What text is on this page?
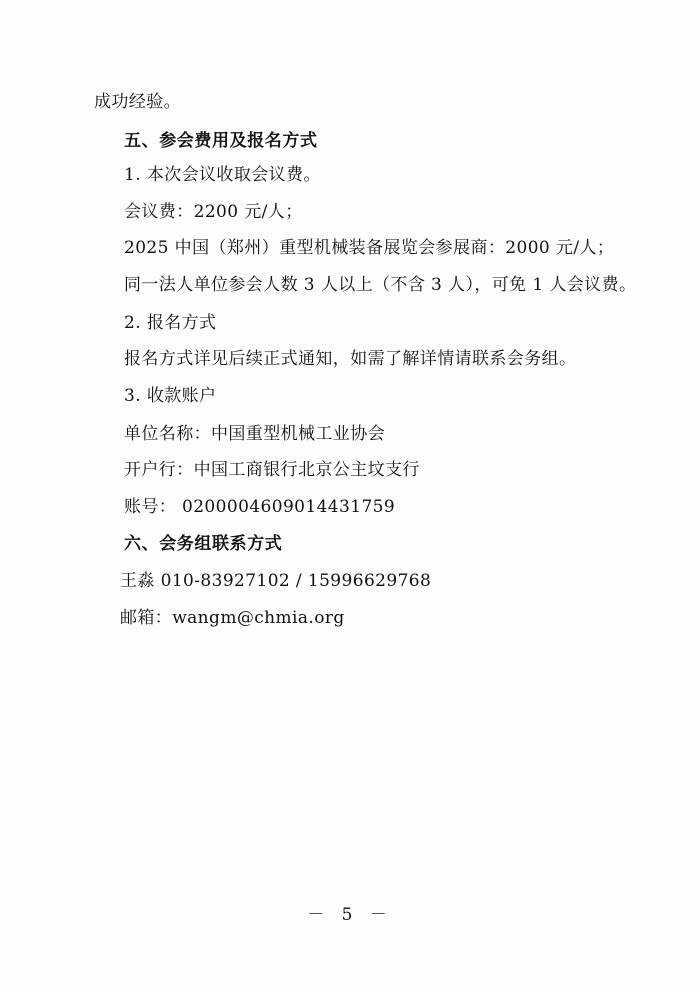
成功经验。
五、参会费用及报名方式
1. 本次会议收取会议费。
会议费：2200 元/人；
2025 中国（郑州）重型机械装备展览会参展商：2000 元/人；
同一法人单位参会人数 3 人以上（不含 3 人），可免 1 人会议费。
2. 报名方式
报名方式详见后续正式通知，如需了解详情请联系会务组。
3. 收款账户
单位名称：中国重型机械工业协会
开户行：中国工商银行北京公主坟支行
账号： 0200004609014431759
六、会务组联系方式
王淼 010-83927102 / 15996629768
邮箱：wangm@chmia.org
－ 5 －
